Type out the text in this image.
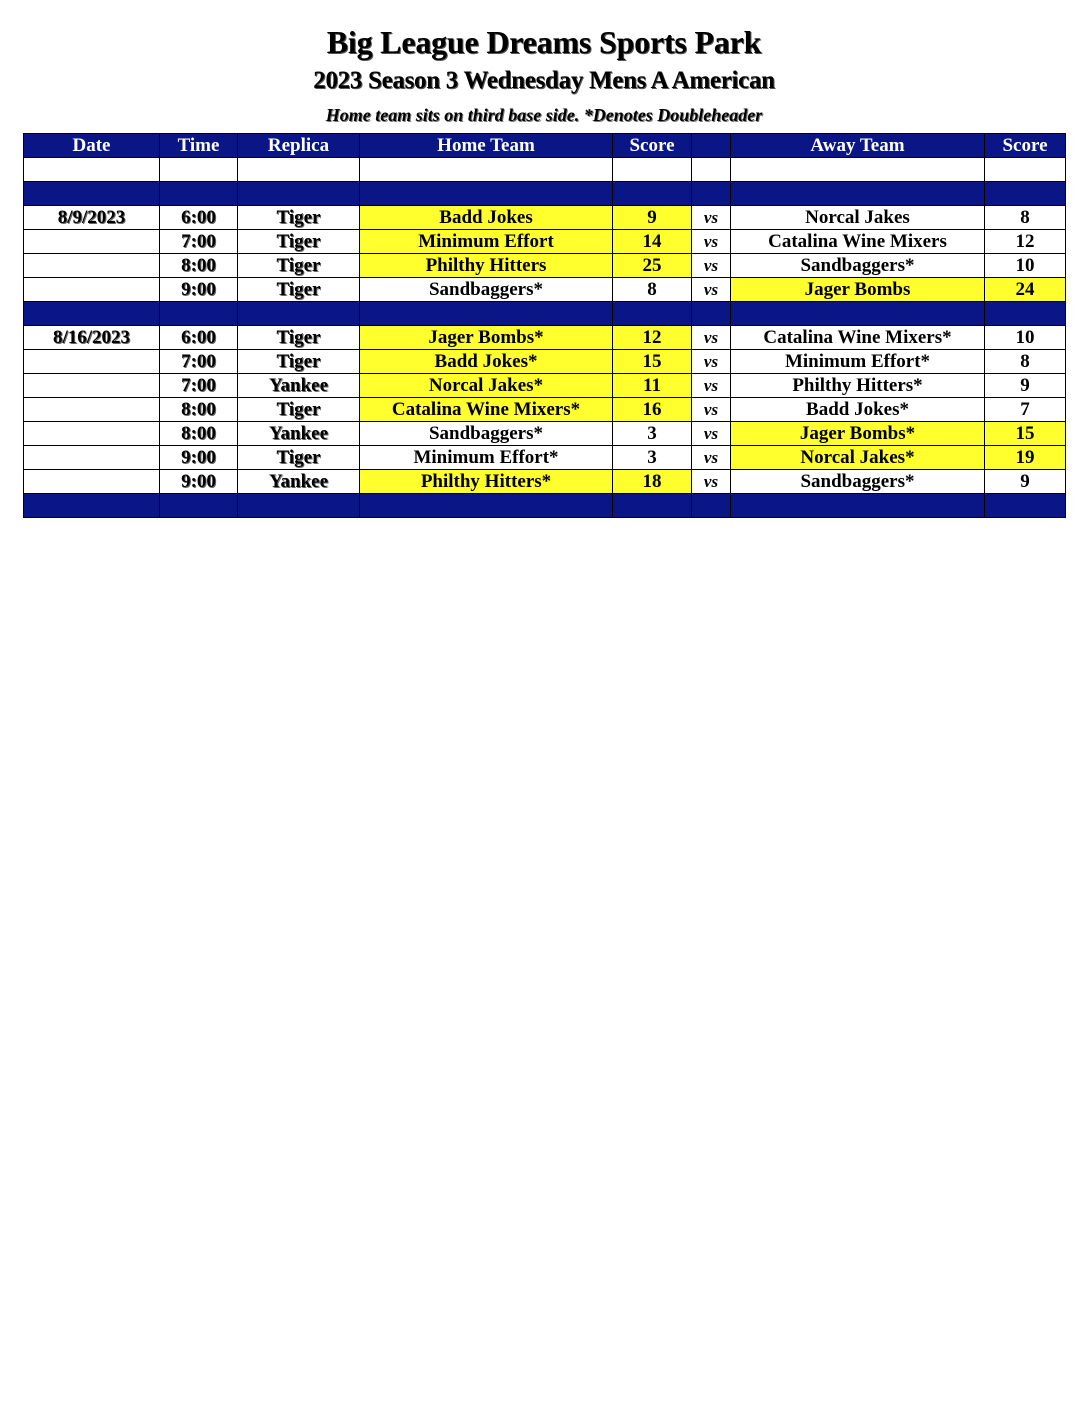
Big League Dreams Sports Park
2023 Season 3 Wednesday Mens A American
Home team sits on third base side. *Denotes Doubleheader
Date	Time	Replica	Home Team	Score		Away Team	Score

8/9/2023	6:00	Tiger	Badd Jokes	9	vs	Norcal Jakes	8
	7:00	Tiger	Minimum Effort	14	vs	Catalina Wine Mixers	12
	8:00	Tiger	Philthy Hitters	25	vs	Sandbaggers*	10
	9:00	Tiger	Sandbaggers*	8	vs	Jager Bombs	24

8/16/2023	6:00	Tiger	Jager Bombs*	12	vs	Catalina Wine Mixers*	10
	7:00	Tiger	Badd Jokes*	15	vs	Minimum Effort*	8
	7:00	Yankee	Norcal Jakes*	11	vs	Philthy Hitters*	9
	8:00	Tiger	Catalina Wine Mixers*	16	vs	Badd Jokes*	7
	8:00	Yankee	Sandbaggers*	3	vs	Jager Bombs*	15
	9:00	Tiger	Minimum Effort*	3	vs	Norcal Jakes*	19
	9:00	Yankee	Philthy Hitters*	18	vs	Sandbaggers*	9
